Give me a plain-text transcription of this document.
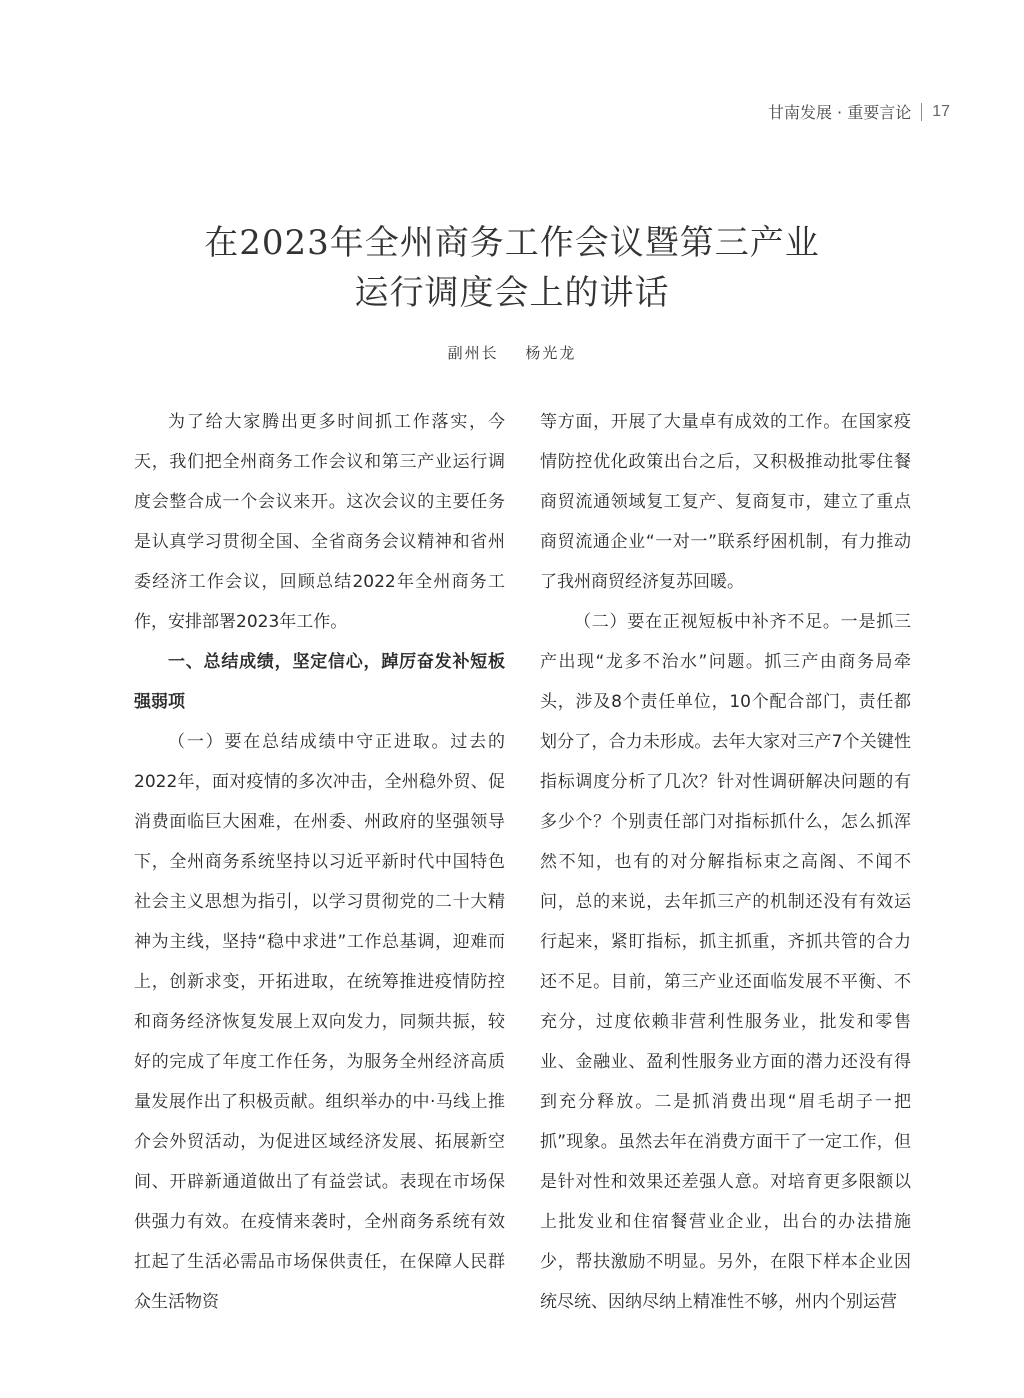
甘南发展 · 重要言论 17
在2023年全州商务工作会议暨第三产业
运行调度会上的讲话
副州长 杨光龙

为了给大家腾出更多时间抓工作落实，今天，我们把全州商务工作会议和第三产业运行调度会整合成一个会议来开。这次会议的主要任务是认真学习贯彻全国、全省商务会议精神和省州委经济工作会议，回顾总结2022年全州商务工作，安排部署2023年工作。

一、总结成绩，坚定信心，踔厉奋发补短板强弱项

（一）要在总结成绩中守正进取。过去的2022年，面对疫情的多次冲击，全州稳外贸、促消费面临巨大困难，在州委、州政府的坚强领导下，全州商务系统坚持以习近平新时代中国特色社会主义思想为指引，以学习贯彻党的二十大精神为主线，坚持“稳中求进”工作总基调，迎难而上，创新求变，开拓进取，在统筹推进疫情防控和商务经济恢复发展上双向发力，同频共振，较好的完成了年度工作任务，为服务全州经济高质量发展作出了积极贡献。组织举办的中·马线上推介会外贸活动，为促进区域经济发展、拓展新空间、开辟新通道做出了有益尝试。表现在市场保供强力有效。在疫情来袭时，全州商务系统有效扛起了生活必需品市场保供责任，在保障人民群众生活物资

等方面，开展了大量卓有成效的工作。在国家疫情防控优化政策出台之后，又积极推动批零住餐商贸流通领域复工复产、复商复市，建立了重点商贸流通企业“一对一”联系纾困机制，有力推动了我州商贸经济复苏回暖。

（二）要在正视短板中补齐不足。一是抓三产出现“龙多不治水”问题。抓三产由商务局牵头，涉及8个责任单位，10个配合部门，责任都划分了，合力未形成。去年大家对三产7个关键性指标调度分析了几次？针对性调研解决问题的有多少个？个别责任部门对指标抓什么，怎么抓浑然不知，也有的对分解指标束之高阁、不闻不问，总的来说，去年抓三产的机制还没有有效运行起来，紧盯指标，抓主抓重，齐抓共管的合力还不足。目前，第三产业还面临发展不平衡、不充分，过度依赖非营利性服务业，批发和零售业、金融业、盈利性服务业方面的潜力还没有得到充分释放。二是抓消费出现“眉毛胡子一把抓”现象。虽然去年在消费方面干了一定工作，但是针对性和效果还差强人意。对培育更多限额以上批发业和住宿餐营业企业，出台的办法措施少，帮扶激励不明显。另外，在限下样本企业因统尽统、因纳尽纳上精准性不够，州内个别运营
